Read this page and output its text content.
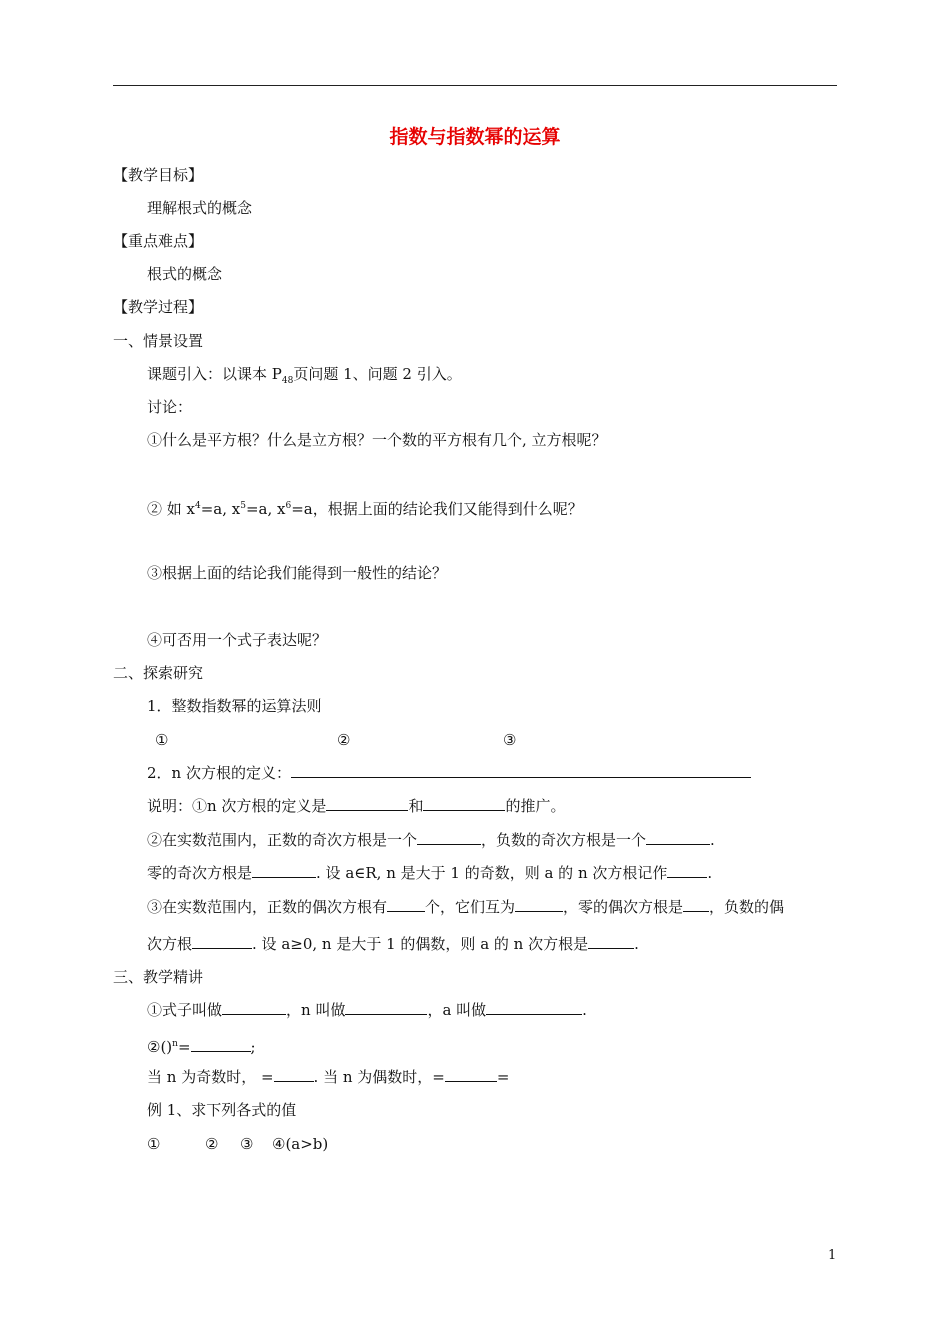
指数与指数幂的运算
【教学目标】
理解根式的概念
【重点难点】
根式的概念
【教学过程】
一、情景设置
课题引入：以课本 $P_{48}$页问题 1、问题 2 引入。
讨论：
①什么是平方根？什么是立方根？一个数的平方根有几个, 立方根呢？
② 如 $x^4=a$, $x^5=a$, $x^6=a$，根据上面的结论我们又能得到什么呢？
③根据上面的结论我们能得到一般性的结论？
④可否用一个式子表达呢？
二、探索研究
1．整数指数幂的运算法则
①	②	③
2．n 次方根的定义：
说明：①n 次方根的定义是	和	的推广。
②在实数范围内，正数的奇次方根是一个	，负数的奇次方根是一个	.
零的奇次方根是	. 设 a∈R, n 是大于 1 的奇数，则 a 的 n 次方根记作	.
③在实数范围内，正数的偶次方根有	个，它们互为	，零的偶次方根是 ，负数的偶
次方根	. 设 a≥0, n 是大于 1 的偶数，则 a 的 n 次方根是	.
三、教学精讲
①式子叫做	，n 叫做	，a 叫做	.
②()$^n$=	;
当 n 为奇数时， =	. 当 n 为偶数时，=	=
例 1、求下列各式的值
①	② ③ ④(a>b)
1
